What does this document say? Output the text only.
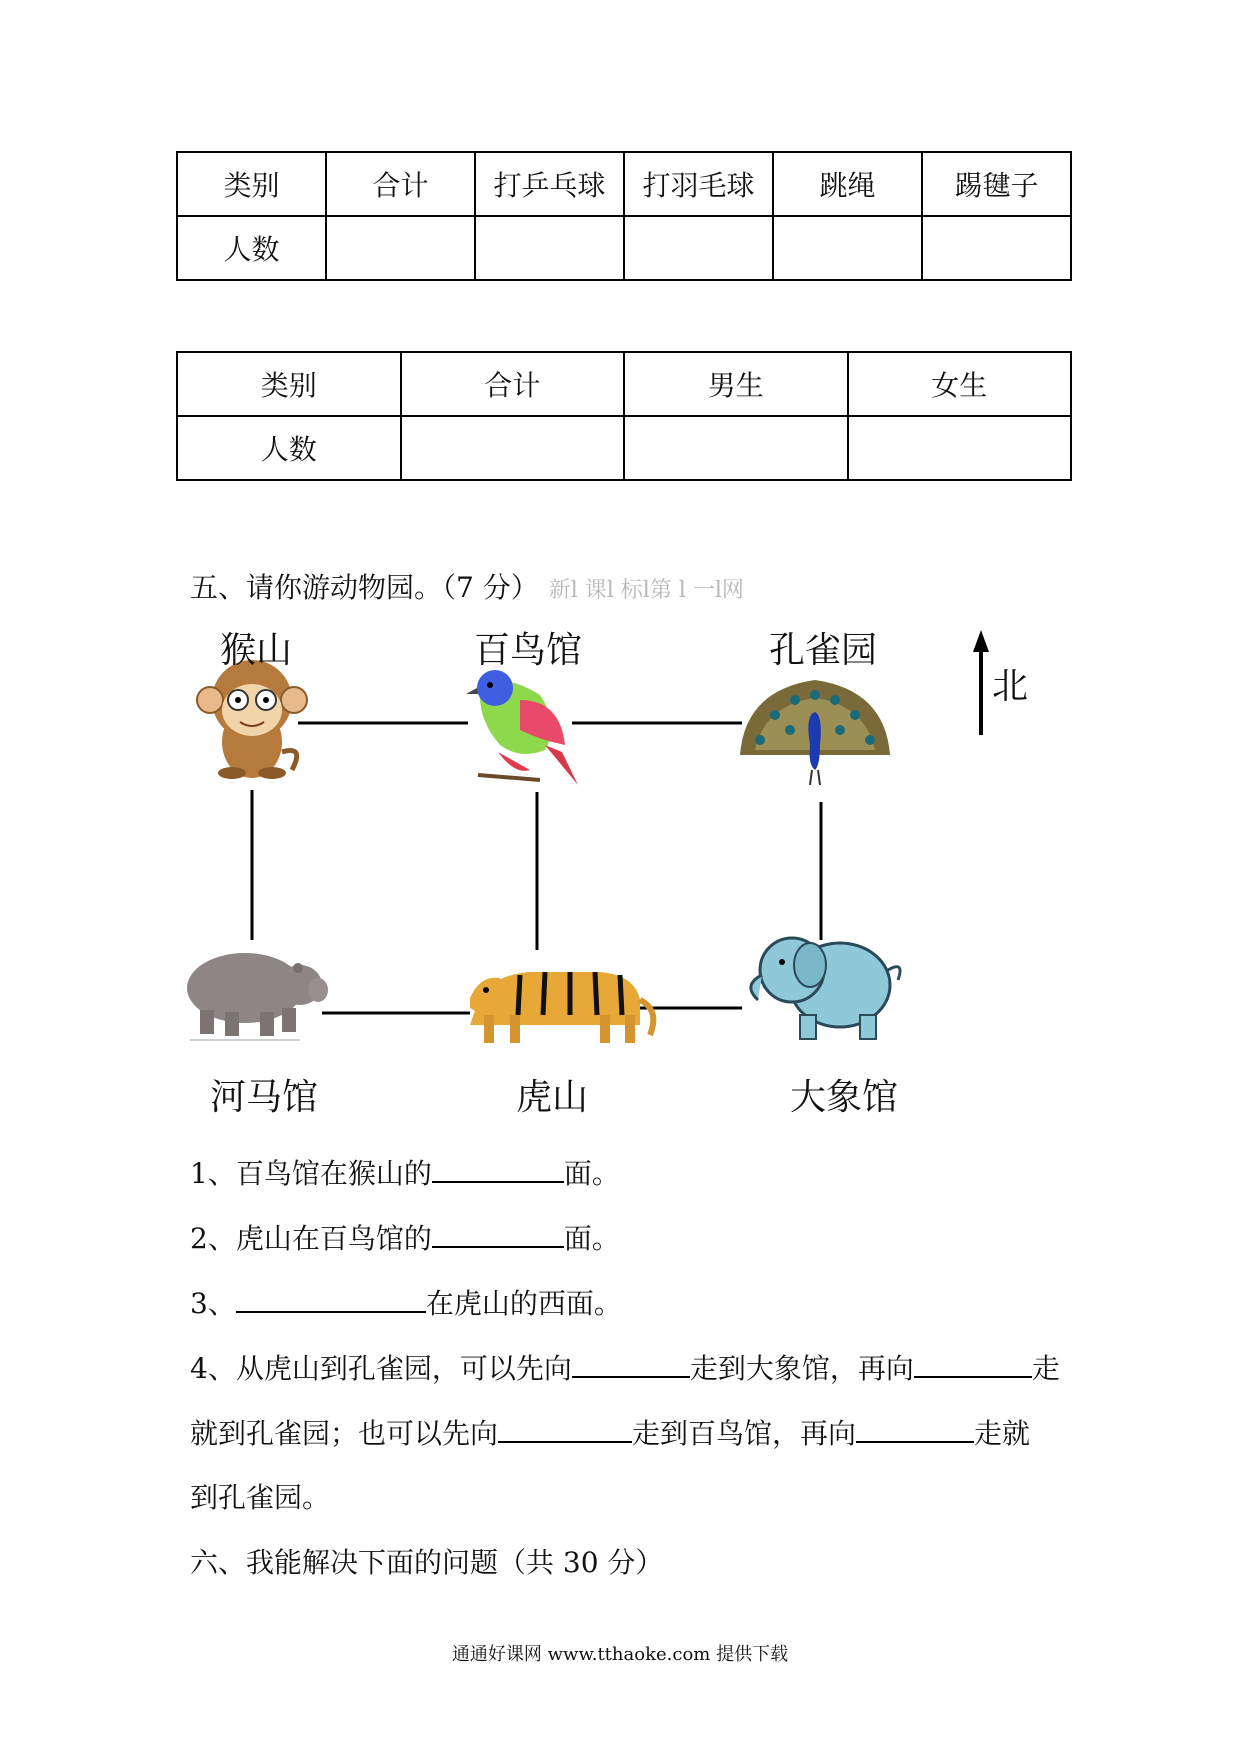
类别	合计	打乒乓球	打羽毛球	跳绳	踢毽子
人数					
类别	合计	男生	女生
人数			
五、请你游动物园。（7 分） 新l 课l 标l第 l 一l网
猴山	百鸟馆	孔雀园
北
河马馆	虎山	大象馆
1、百鸟馆在猴山的	面。
2、虎山在百鸟馆的	面。
3、	在虎山的西面。
4、从虎山到孔雀园，可以先向	走到大象馆，再向	走
就到孔雀园；也可以先向	走到百鸟馆，再向	走就
到孔雀园。
六、我能解决下面的问题（共 30 分）
通通好课网 www.tthaoke.com 提供下载
